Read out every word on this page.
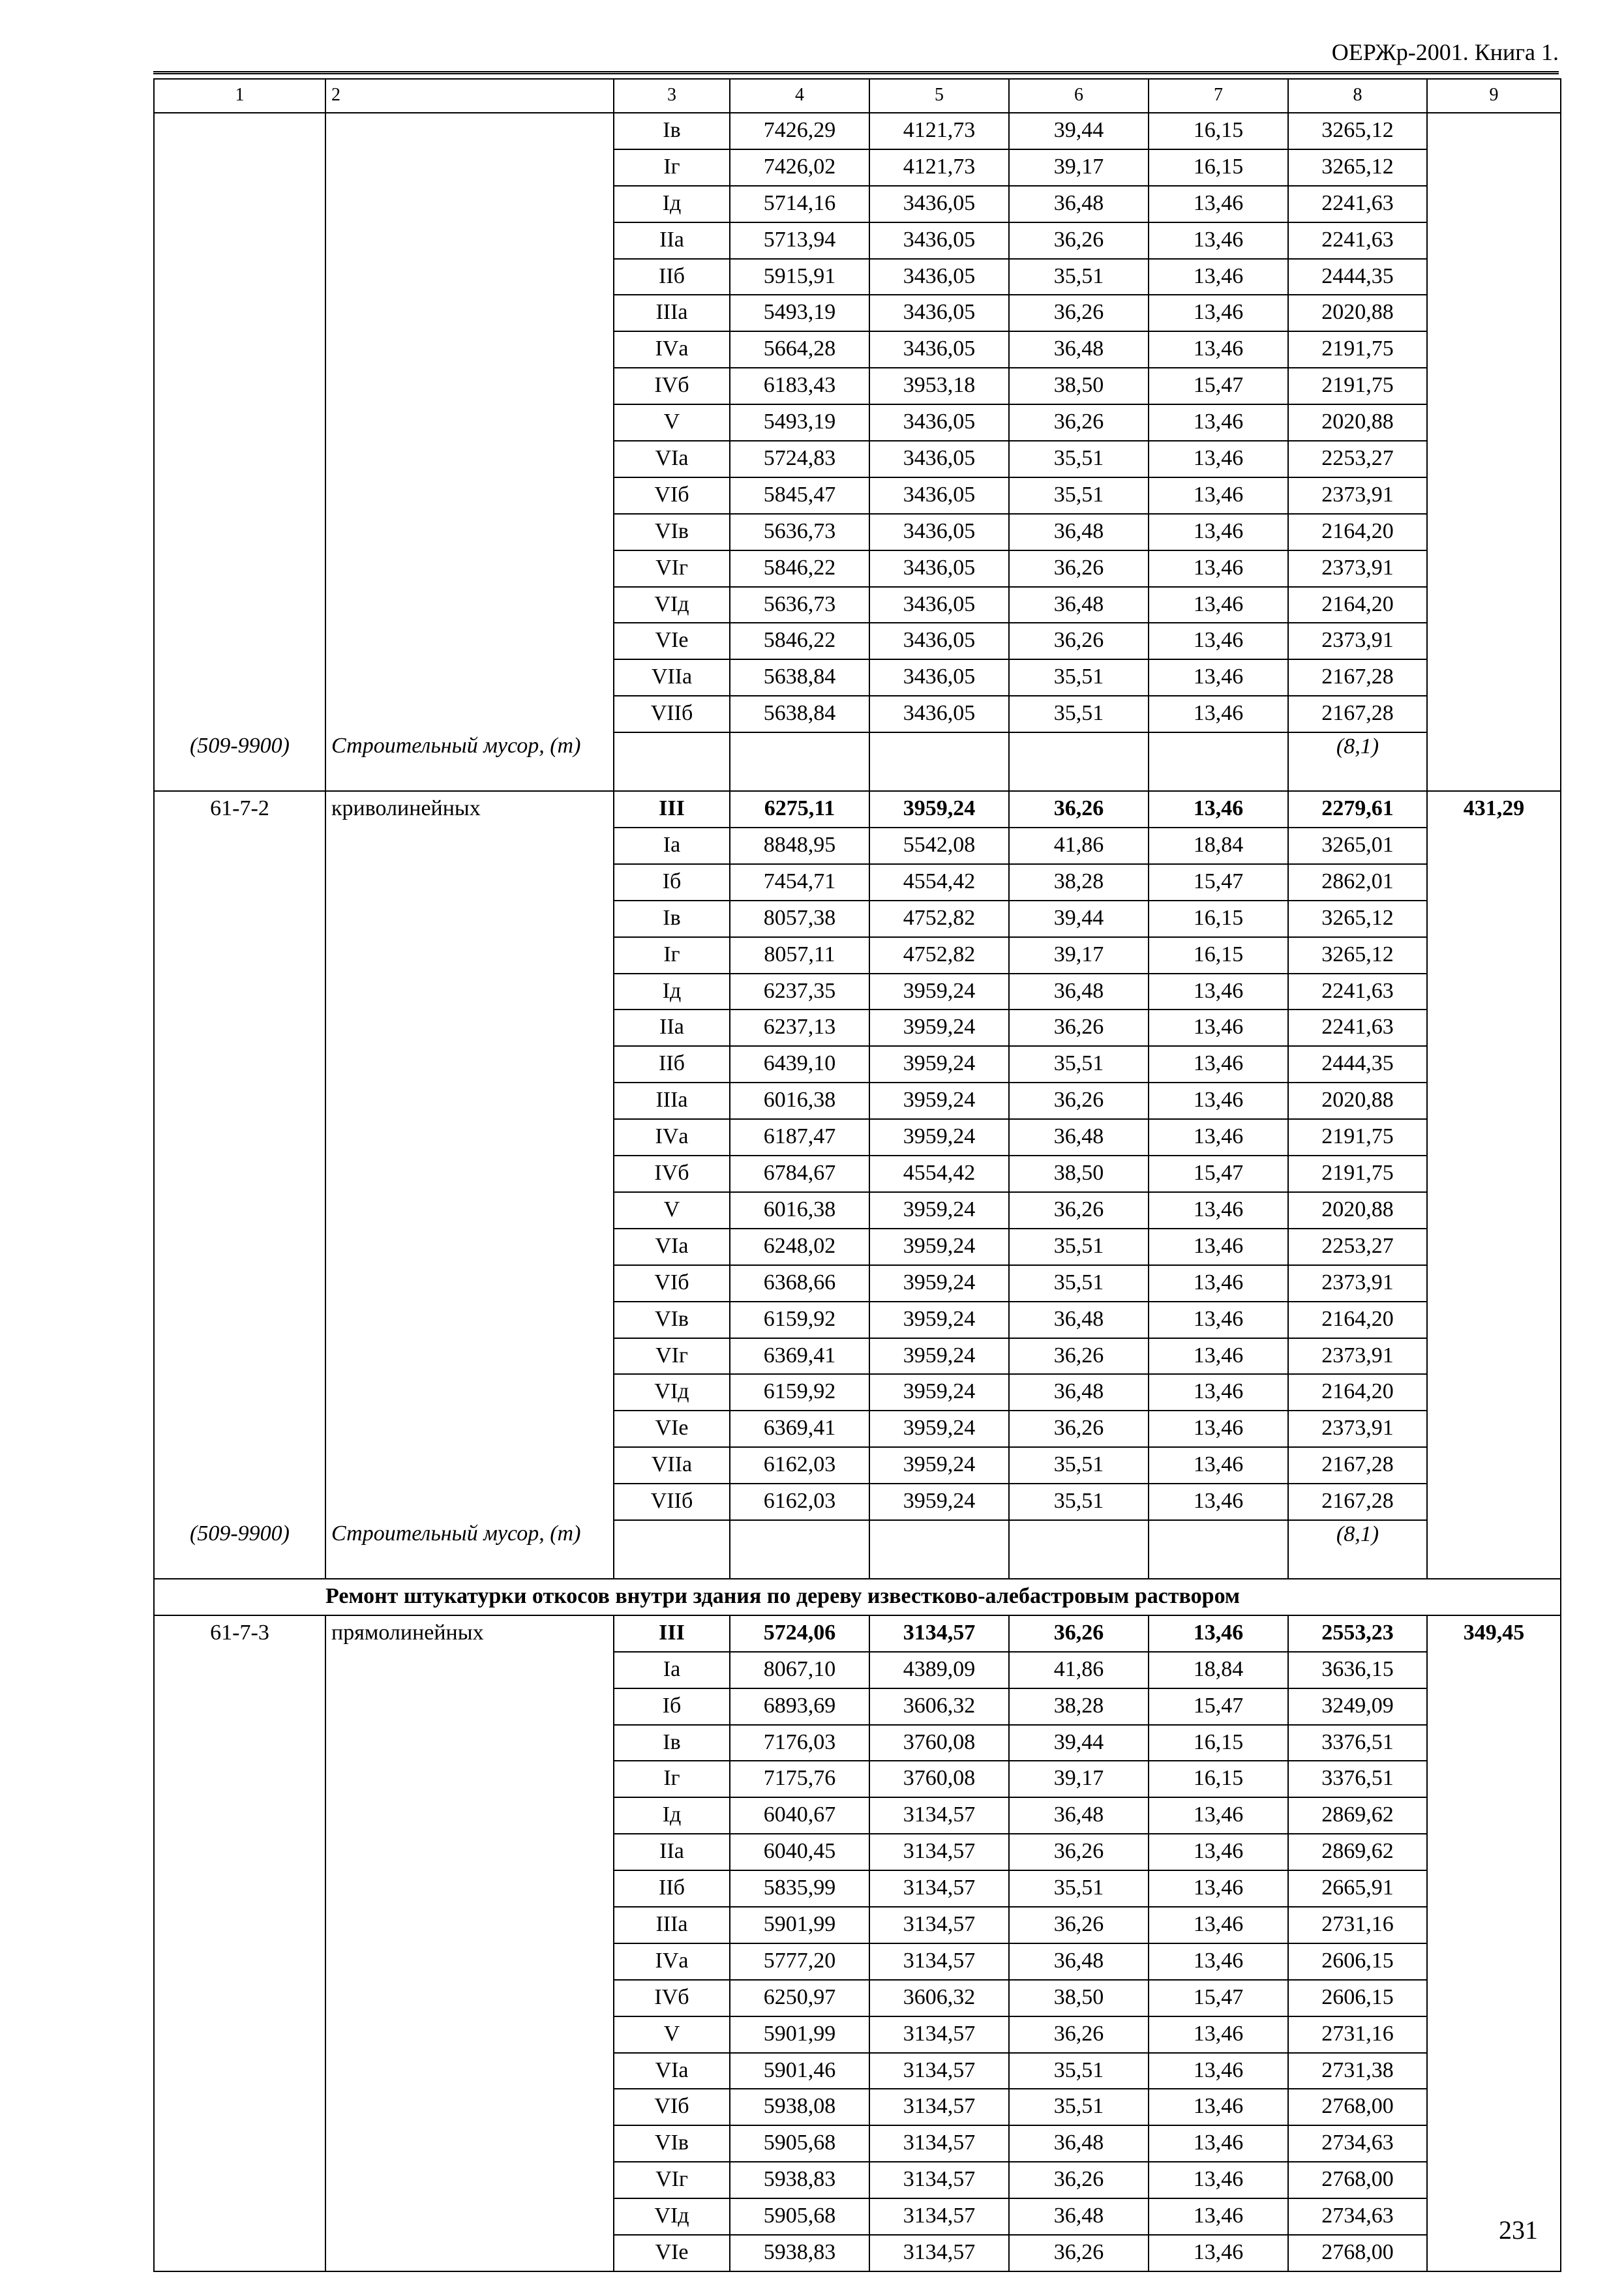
ОЕРЖр-2001. Книга 1.
1	2	3	4	5	6	7	8	9
		Iв	7426,29	4121,73	39,44	16,15	3265,12	
		Iг	7426,02	4121,73	39,17	16,15	3265,12	
		Iд	5714,16	3436,05	36,48	13,46	2241,63	
		IIа	5713,94	3436,05	36,26	13,46	2241,63	
		IIб	5915,91	3436,05	35,51	13,46	2444,35	
		IIIа	5493,19	3436,05	36,26	13,46	2020,88	
		IVа	5664,28	3436,05	36,48	13,46	2191,75	
		IVб	6183,43	3953,18	38,50	15,47	2191,75	
		V	5493,19	3436,05	36,26	13,46	2020,88	
		VIа	5724,83	3436,05	35,51	13,46	2253,27	
		VIб	5845,47	3436,05	35,51	13,46	2373,91	
		VIв	5636,73	3436,05	36,48	13,46	2164,20	
		VIг	5846,22	3436,05	36,26	13,46	2373,91	
		VIд	5636,73	3436,05	36,48	13,46	2164,20	
		VIе	5846,22	3436,05	36,26	13,46	2373,91	
		VIIа	5638,84	3436,05	35,51	13,46	2167,28	
		VIIб	5638,84	3436,05	35,51	13,46	2167,28	
(509-9900)	Строительный мусор, (т)						(8,1)	
61-7-2	криволинейных	III	6275,11	3959,24	36,26	13,46	2279,61	431,29
		Iа	8848,95	5542,08	41,86	18,84	3265,01	
		Iб	7454,71	4554,42	38,28	15,47	2862,01	
		Iв	8057,38	4752,82	39,44	16,15	3265,12	
		Iг	8057,11	4752,82	39,17	16,15	3265,12	
		Iд	6237,35	3959,24	36,48	13,46	2241,63	
		IIа	6237,13	3959,24	36,26	13,46	2241,63	
		IIб	6439,10	3959,24	35,51	13,46	2444,35	
		IIIа	6016,38	3959,24	36,26	13,46	2020,88	
		IVа	6187,47	3959,24	36,48	13,46	2191,75	
		IVб	6784,67	4554,42	38,50	15,47	2191,75	
		V	6016,38	3959,24	36,26	13,46	2020,88	
		VIа	6248,02	3959,24	35,51	13,46	2253,27	
		VIб	6368,66	3959,24	35,51	13,46	2373,91	
		VIв	6159,92	3959,24	36,48	13,46	2164,20	
		VIг	6369,41	3959,24	36,26	13,46	2373,91	
		VIд	6159,92	3959,24	36,48	13,46	2164,20	
		VIе	6369,41	3959,24	36,26	13,46	2373,91	
		VIIа	6162,03	3959,24	35,51	13,46	2167,28	
		VIIб	6162,03	3959,24	35,51	13,46	2167,28	
(509-9900)	Строительный мусор, (т)						(8,1)	
Ремонт штукатурки откосов внутри здания по дереву известково-алебастровым раствором								
61-7-3	прямолинейных	III	5724,06	3134,57	36,26	13,46	2553,23	349,45
		Iа	8067,10	4389,09	41,86	18,84	3636,15	
		Iб	6893,69	3606,32	38,28	15,47	3249,09	
		Iв	7176,03	3760,08	39,44	16,15	3376,51	
		Iг	7175,76	3760,08	39,17	16,15	3376,51	
		Iд	6040,67	3134,57	36,48	13,46	2869,62	
		IIа	6040,45	3134,57	36,26	13,46	2869,62	
		IIб	5835,99	3134,57	35,51	13,46	2665,91	
		IIIа	5901,99	3134,57	36,26	13,46	2731,16	
		IVа	5777,20	3134,57	36,48	13,46	2606,15	
		IVб	6250,97	3606,32	38,50	15,47	2606,15	
		V	5901,99	3134,57	36,26	13,46	2731,16	
		VIа	5901,46	3134,57	35,51	13,46	2731,38	
		VIб	5938,08	3134,57	35,51	13,46	2768,00	
		VIв	5905,68	3134,57	36,48	13,46	2734,63	
		VIг	5938,83	3134,57	36,26	13,46	2768,00	
		VIд	5905,68	3134,57	36,48	13,46	2734,63	
		VIе	5938,83	3134,57	36,26	13,46	2768,00	
231
